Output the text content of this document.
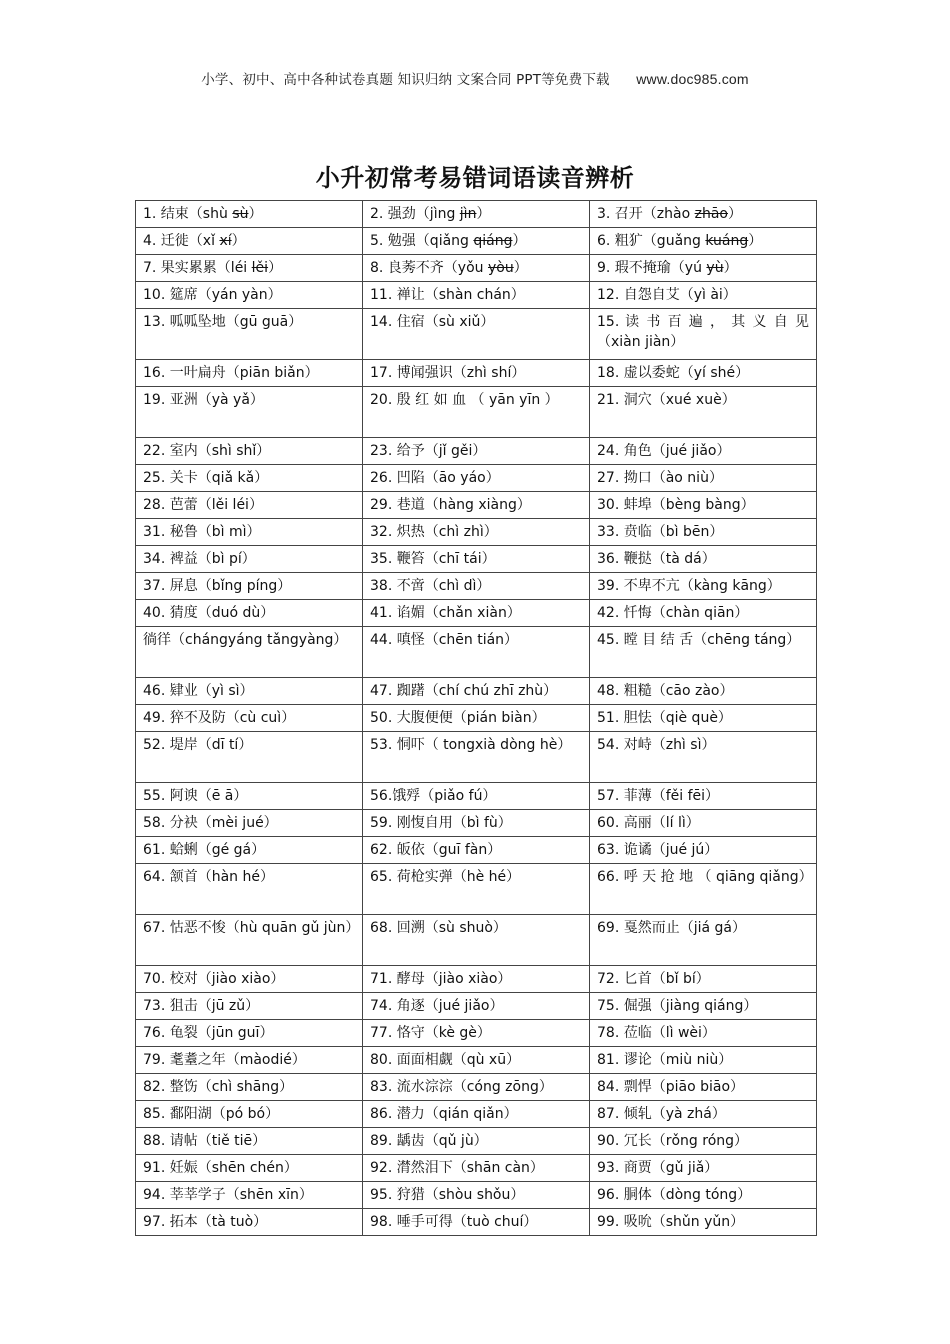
小学、初中、高中各种试卷真题 知识归纳 文案合同 PPT等免费下载 www.doc985.com
小升初常考易错词语读音辨析
1. 结束（shù sù）	2. 强劲（jìng jìn）	3. 召开（zhào zhāo）
4. 迁徙（xǐ xí）	5. 勉强（qiǎng qiáng）	6. 粗犷（guǎng kuáng）
7. 果实累累（léi lěi）	8. 良莠不齐（yǒu yòu）	9. 瑕不掩瑜（yú yù）
10. 筵席（yán yàn）	11. 禅让（shàn chán）	12. 自怨自艾（yì ài）
13. 呱呱坠地（gū guā）	14. 住宿（sù xiǔ）	15. 读 书 百 遍 ， 其 义 自 见（xiàn jiàn）
16. 一叶扁舟（piān biǎn）	17. 博闻强识（zhì shí）	18. 虚以委蛇（yí shé）
19. 亚洲（yà yǎ）	20. 殷 红 如 血 （ yān yīn ）	21. 洞穴（xué xuè）
22. 室内（shì shǐ）	23. 给予（jǐ gěi）	24. 角色（jué jiǎo）
25. 关卡（qiǎ kǎ）	26. 凹陷（āo yáo）	27. 拗口（ào niù）
28. 芭蕾（lěi léi）	29. 巷道（hàng xiàng）	30. 蚌埠（bèng bàng）
31. 秘鲁（bì mì）	32. 炽热（chì zhì）	33. 贲临（bì bēn）
34. 裨益（bì pí）	35. 鞭笞（chī tái）	36. 鞭挞（tà dá）
37. 屏息（bǐng píng）	38. 不啻（chì dì）	39. 不卑不亢（kàng kāng）
40. 猜度（duó dù）	41. 谄媚（chǎn xiàn）	42. 忏悔（chàn qiān）
徜徉（chángyáng tǎngyàng）	44. 嗔怪（chēn tián）	45. 瞠 目 结 舌（chēng táng）
46. 肄业（yì sì）	47. 踟躇（chí chú zhī zhù）	48. 粗糙（cāo zào）
49. 猝不及防（cù cuì）	50. 大腹便便（pián biàn）	51. 胆怯（qiè què）
52. 堤岸（dī tí）	53. 恫吓（ tongxià dòng hè）	54. 对峙（zhì sì）
55. 阿谀（ē ā）	56.饿殍（piǎo fú）	57. 菲薄（fěi fēi）
58. 分袂（mèi jué）	59. 刚愎自用（bì fù）	60. 高丽（lí lì）
61. 蛤蜊（gé gá）	62. 皈依（guī fàn）	63. 诡谲（jué jú）
64. 颔首（hàn hé）	65. 荷枪实弹（hè hé）	66. 呼 天 抢 地 （ qiāng qiǎng）
67. 怙恶不悛（hù quān gǔ jùn）	68. 回溯（sù shuò）	69. 戛然而止（jiá gá）
70. 校对（jiào xiào）	71. 酵母（jiào xiào）	72. 匕首（bǐ bí）
73. 狙击（jū zǔ）	74. 角逐（jué jiǎo）	75. 倔强（jiàng qiáng）
76. 龟裂（jūn guī）	77. 恪守（kè gè）	78. 莅临（lì wèi）
79. 耄耋之年（màodié）	80. 面面相觑（qù xū）	81. 谬论（miù niù）
82. 整饬（chì shāng）	83. 流水淙淙（cóng zōng）	84. 剽悍（piāo biāo）
85. 鄱阳湖（pó bó）	86. 潜力（qián qiǎn）	87. 倾轧（yà zhá）
88. 请帖（tiě tiē）	89. 龋齿（qǔ jù）	90. 冗长（rǒng róng）
91. 妊娠（shēn chén）	92. 潸然泪下（shān càn）	93. 商贾（gǔ jiǎ）
94. 莘莘学子（shēn xīn）	95. 狩猎（shòu shǒu）	96. 胴体（dòng tóng）
97. 拓本（tà tuò）	98. 唾手可得（tuò chuí）	99. 吸吮（shǔn yǔn）
